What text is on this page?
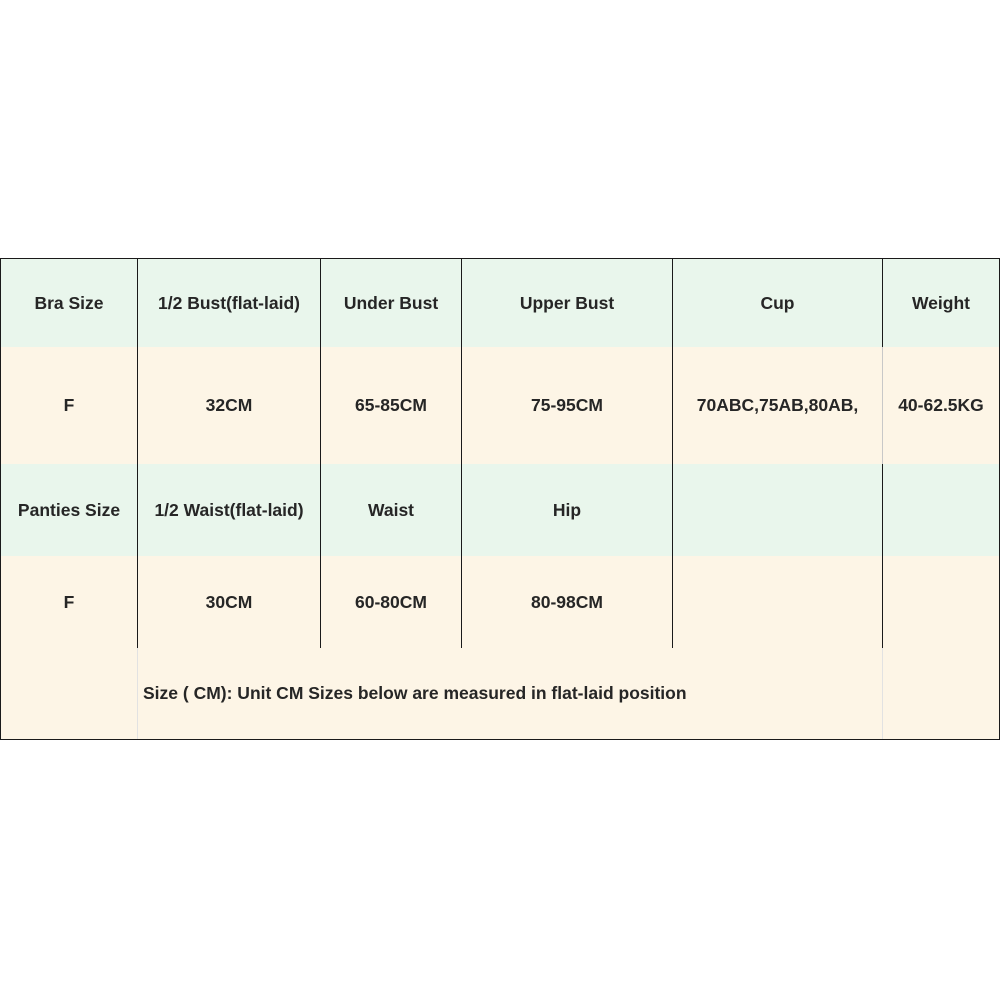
Bra Size	1/2 Bust(flat-laid)	Under Bust	Upper Bust	Cup	Weight
F	32CM	65-85CM	75-95CM	70ABC,75AB,80AB,	40-62.5KG
Panties Size	1/2 Waist(flat-laid)	Waist	Hip
F	30CM	60-80CM	80-98CM
Size ( CM): Unit CM Sizes below are measured in flat-laid position
